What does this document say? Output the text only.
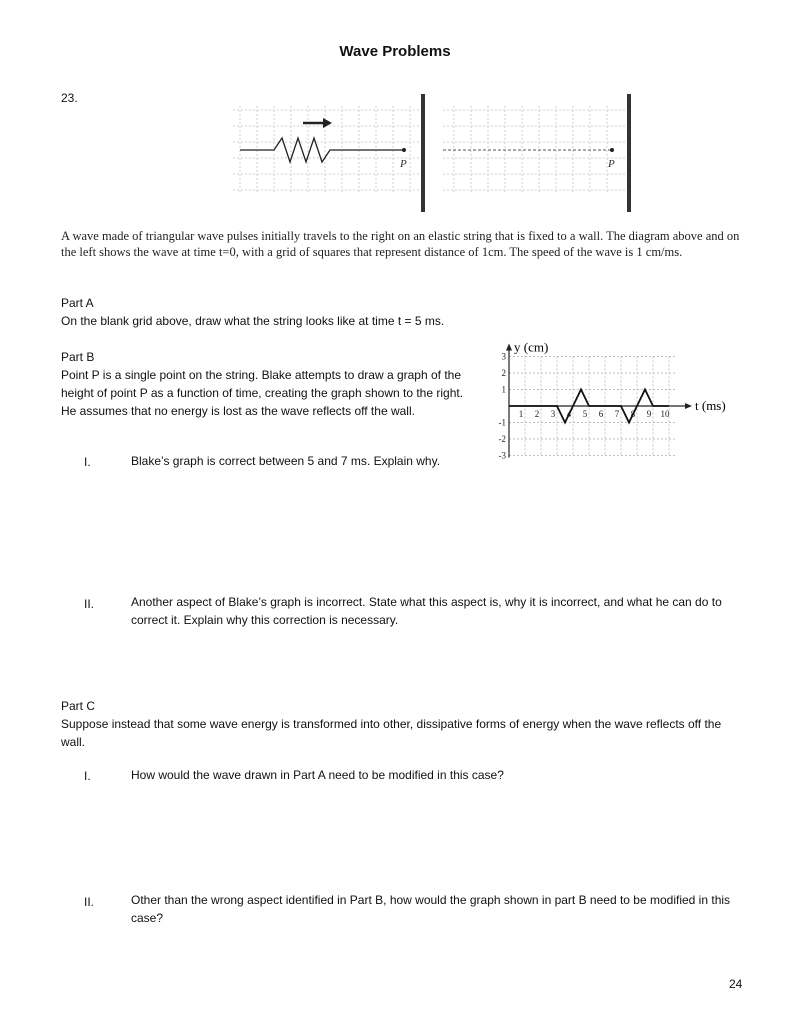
Wave Problems
23.
P	P
A wave made of triangular wave pulses initially travels to the right on an elastic string that is fixed to a wall. The diagram above and on the left shows the wave at time t=0, with a grid of squares that represent distance of 1cm. The speed of the wave is 1 cm/ms.
Part A
On the blank grid above, draw what the string looks like at time t = 5 ms.
Part B
Point P is a single point on the string. Blake attempts to draw a graph of the height of point P as a function of time, creating the graph shown to the right. He assumes that no energy is lost as the wave reflects off the wall.
3
2
1
-1
-2
-3
1 2 3 4 5 6 7 8 9 10
y (cm)
t (ms)
I.	Blake’s graph is correct between 5 and 7 ms. Explain why.
II.	Another aspect of Blake’s graph is incorrect. State what this aspect is, why it is incorrect, and what he can do to correct it. Explain why this correction is necessary.
Part C
Suppose instead that some wave energy is transformed into other, dissipative forms of energy when the wave reflects off the wall.
I.	How would the wave drawn in Part A need to be modified in this case?
II.	Other than the wrong aspect identified in Part B, how would the graph shown in part B need to be modified in this case?
24
